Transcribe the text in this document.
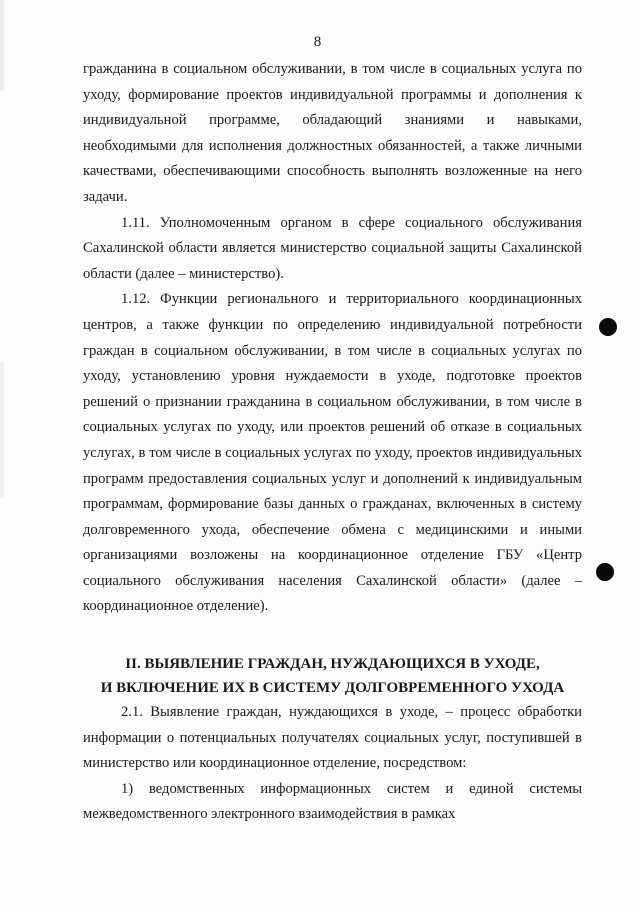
8

гражданина в социальном обслуживании, в том числе в социальных услуга по уходу, формирование проектов индивидуальной программы и дополнения к индивидуальной программе, обладающий знаниями и навыками, необходимыми для исполнения должностных обязанностей, а также личными качествами, обеспечивающими способность выполнять возложенные на него задачи.

1.11. Уполномоченным органом в сфере социального обслуживания Сахалинской области является министерство социальной защиты Сахалинской области (далее – министерство).

1.12. Функции регионального и территориального координационных центров, а также функции по определению индивидуальной потребности граждан в социальном обслуживании, в том числе в социальных услугах по уходу, установлению уровня нуждаемости в уходе, подготовке проектов решений о признании гражданина в социальном обслуживании, в том числе в социальных услугах по уходу, или проектов решений об отказе в социальных услугах, в том числе в социальных услугах по уходу, проектов индивидуальных программ предоставления социальных услуг и дополнений к индивидуальным программам, формирование базы данных о гражданах, включенных в систему долговременного ухода, обеспечение обмена с медицинскими и иными организациями возложены на координационное отделение ГБУ «Центр социального обслуживания населения Сахалинской области» (далее – координационное отделение).

II. ВЫЯВЛЕНИЕ ГРАЖДАН, НУЖДАЮЩИХСЯ В УХОДЕ,
И ВКЛЮЧЕНИЕ ИХ В СИСТЕМУ ДОЛГОВРЕМЕННОГО УХОДА

2.1. Выявление граждан, нуждающихся в уходе, – процесс обработки информации о потенциальных получателях социальных услуг, поступившей в министерство или координационное отделение, посредством:

1) ведомственных информационных систем и единой системы межведомственного электронного взаимодействия в рамках
